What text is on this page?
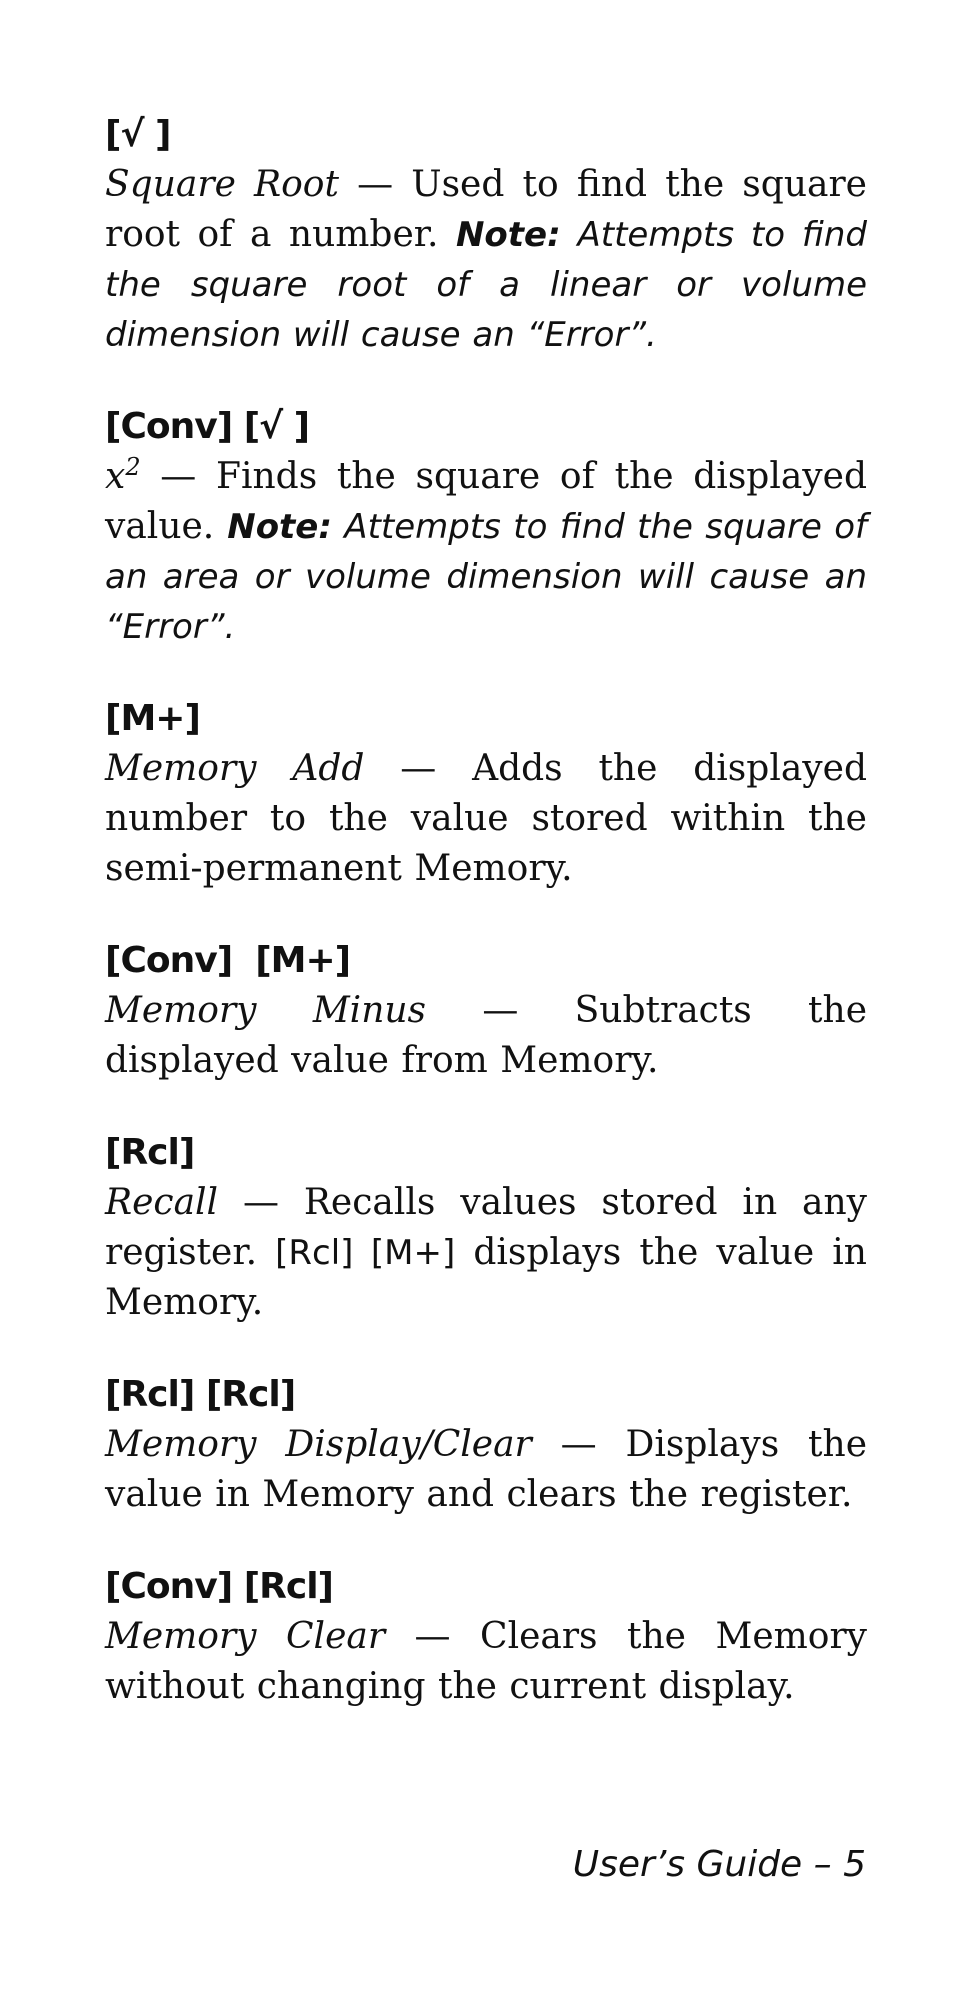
[√ ]

Square Root — Used to find the square root of a number. Note: Attempts to find the square root of a linear or volume dimension will cause an “Error”.

[Conv] [√ ]

$x^2$ — Finds the square of the displayed value. Note: Attempts to find the square of an area or volume dimension will cause an “Error”.

[M+]

Memory Add — Adds the displayed number to the value stored within the semi-permanent Memory.

[Conv]  [M+]

Memory Minus — Subtracts the displayed value from Memory.

[Rcl]

Recall — Recalls values stored in any register. [Rcl] [M+] displays the value in Memory.

[Rcl] [Rcl]

Memory Display/Clear — Displays the value in Memory and clears the register.

[Conv] [Rcl]

Memory Clear — Clears the Memory without changing the current display.

User’s Guide – 5
